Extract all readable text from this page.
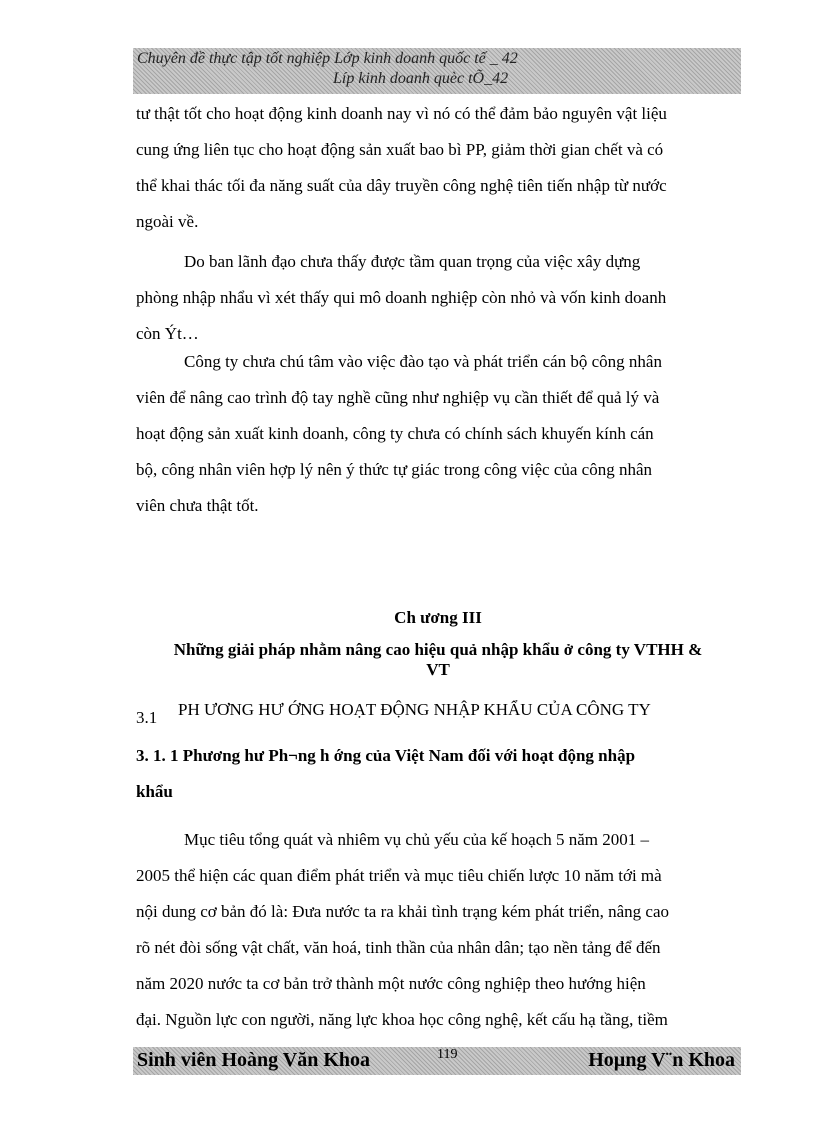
Chuyên đề thực tập tốt nghiệp Lớp kinh doanh quốc tế _ 42
Líp kinh doanh quèc tÕ_42
tư thật tốt cho hoạt động kinh doanh nay vì nó có thể đảm bảo nguyên vật liệu
cung ứng liên tục cho hoạt động sản xuất bao bì PP, giảm thời gian chết và có
thể khai thác tối đa năng suất của dây truyền công nghệ tiên tiến nhập từ nước
ngoài về.
Do ban lãnh đạo chưa thấy được tầm quan trọng của việc xây dựng
phòng nhập nhẩu vì xét thấy qui mô doanh nghiệp còn nhỏ và vốn kinh doanh
còn Ýt…
Công ty chưa chú tâm vào việc đào tạo và phát triển cán bộ công nhân
viên để nâng cao trình độ tay nghề cũng như nghiệp vụ cần thiết để quả lý và
hoạt động sản xuất kinh doanh, công ty chưa có chính sách khuyến kính cán
bộ, công nhân viên hợp lý nên ý thức tự giác trong công việc của công nhân
viên chưa thật tốt.
Ch ương III
Những giải pháp nhằm nâng cao hiệu quả nhập khẩu ở công ty VTHH &
VT
3.1 PH ƯƠNG HƯ ỚNG HOẠT ĐỘNG NHẬP KHẨU CỦA CÔNG TY
3. 1. 1 Phương hư Ph¬ng h ớng của Việt Nam đối với hoạt động nhập
khẩu
Mục tiêu tổng quát và nhiêm vụ chủ yếu của kế hoạch 5 năm 2001 –
2005 thể hiện các quan điểm phát triển và mục tiêu chiến lược 10 năm tới mà
nội dung cơ bản đó là: Đưa nước ta ra khải tình trạng kém phát triển, nâng cao
rõ nét đòi sống vật chất, văn hoá, tinh thần của nhân dân; tạo nền tảng để đến
năm 2020 nước ta cơ bản trở thành một nước công nghiệp theo hướng hiện
đại. Nguồn lực con người, năng lực khoa học công nghệ, kết cấu hạ tầng, tiềm
Sinh viên Hoàng Văn Khoa	119	Hoµng V¨n Khoa
